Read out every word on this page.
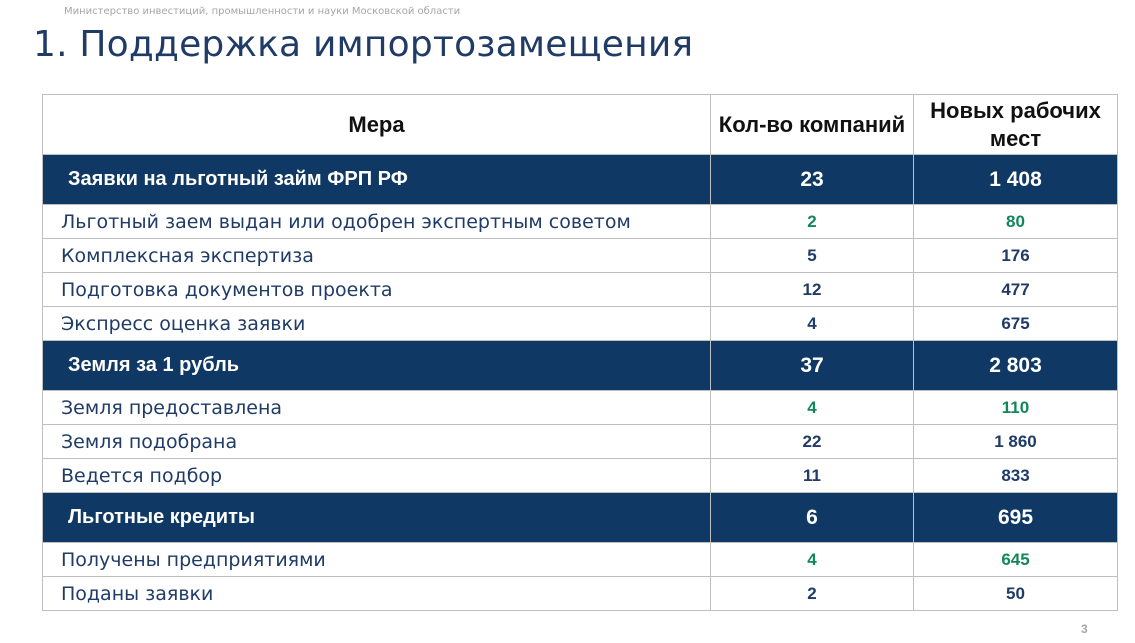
Министерство инвестиций, промышленности и науки Московской области
1. Поддержка импортозамещения
Мера	Кол-во компаний	Новых рабочих мест
Заявки на льготный займ ФРП РФ	23	1 408
Льготный заем выдан или одобрен экспертным советом	2	80
Комплексная экспертиза	5	176
Подготовка документов проекта	12	477
Экспресс оценка заявки	4	675
Земля за 1 рубль	37	2 803
Земля предоставлена	4	110
Земля подобрана	22	1 860
Ведется подбор	11	833
Льготные кредиты	6	695
Получены предприятиями	4	645
Поданы заявки	2	50
3
